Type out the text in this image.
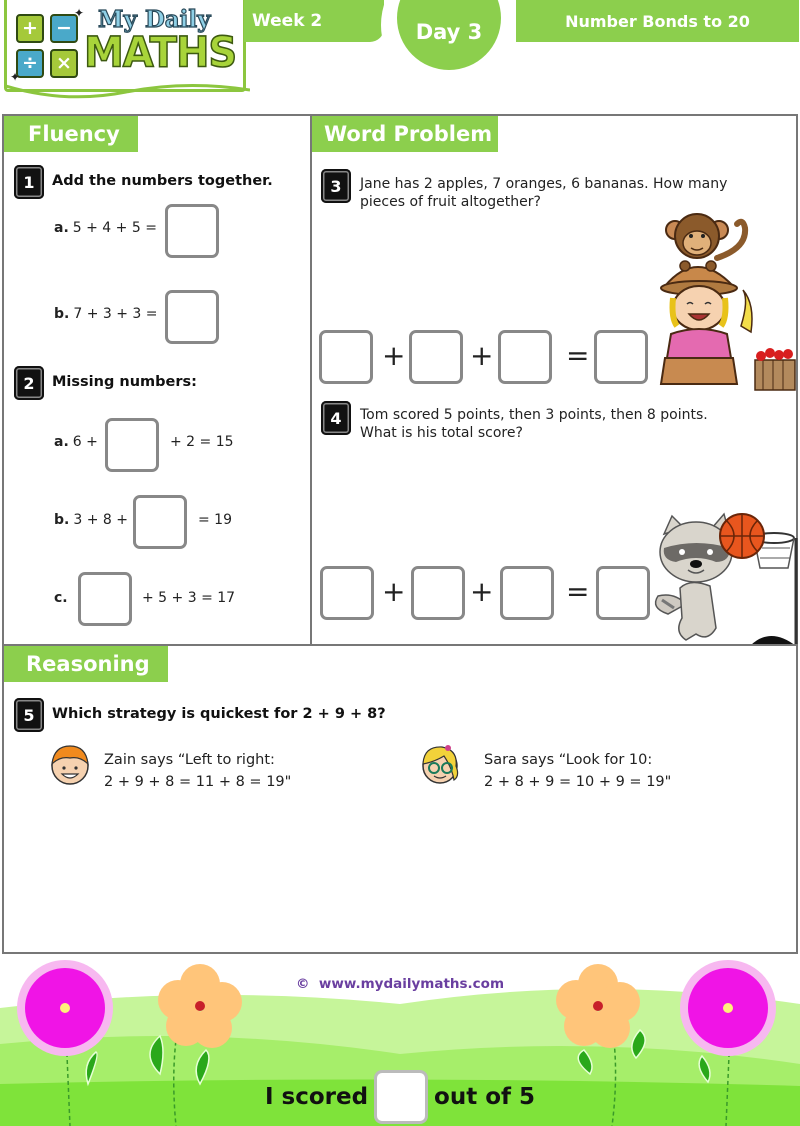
+ −
÷ ×
✦
✦
My Daily
MATHS
Week 2	Day 3	Number Bonds to 20
Fluency
1	Add the numbers together.
a. 5 + 4 + 5 =
b. 7 + 3 + 3 =
2	Missing numbers:
a. 6 +	+ 2 = 15
b. 3 + 8 +	= 19
c.	+ 5 + 3 = 17
Word Problem
3	Jane has 2 apples, 7 oranges, 6 bananas. How many
pieces of fruit altogether?
+ +	=
4	Tom scored 5 points, then 3 points, then 8 points.
What is his total score?
+ +	=
Reasoning
5	Which strategy is quickest for 2 + 9 + 8?
Zain says “Left to right:
2 + 9 + 8 = 11 + 8 = 19"
Sara says “Look for 10:
2 + 8 + 9 = 10 + 9 = 19"
© www.mydailymaths.com
I scored	out of 5
